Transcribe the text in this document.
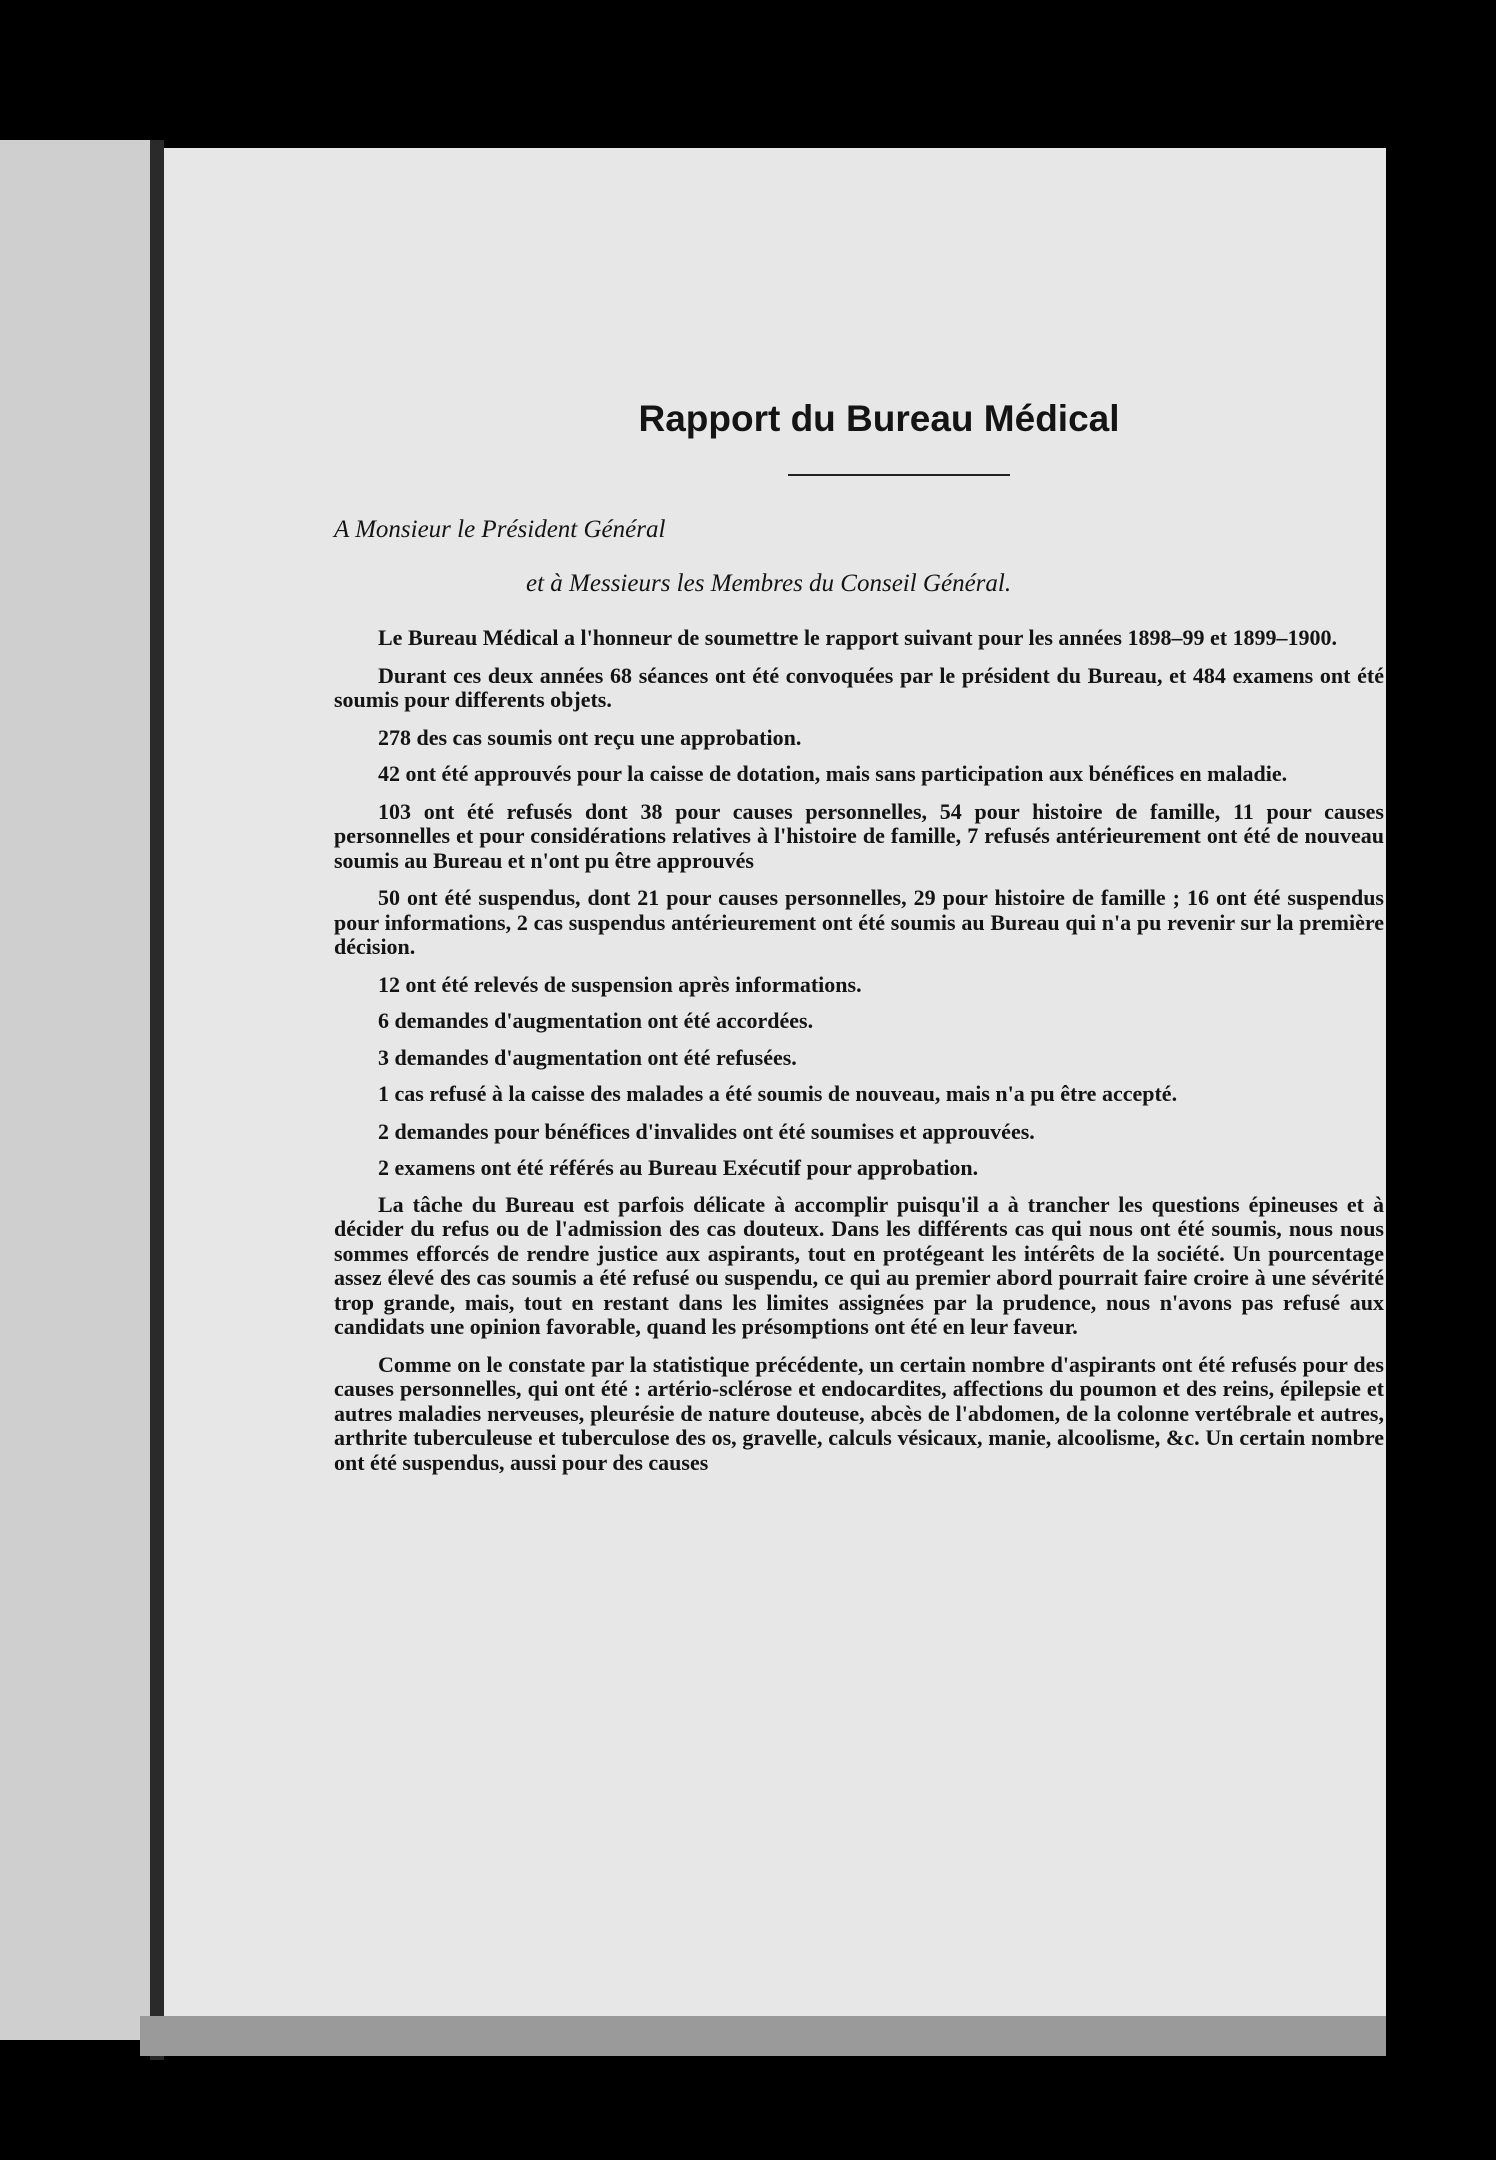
Rapport du Bureau Médical

A Monsieur le Président Général

et à Messieurs les Membres du Conseil Général.

Le Bureau Médical a l'honneur de soumettre le rapport suivant pour les années 1898–99 et 1899–1900.

Durant ces deux années 68 séances ont été convoquées par le président du Bureau, et 484 examens ont été soumis pour differents objets.

278 des cas soumis ont reçu une approbation.

42 ont été approuvés pour la caisse de dotation, mais sans participation aux bénéfices en maladie.

103 ont été refusés dont 38 pour causes personnelles, 54 pour histoire de famille, 11 pour causes personnelles et pour considérations relatives à l'histoire de famille, 7 refusés antérieurement ont été de nouveau soumis au Bureau et n'ont pu être approuvés

50 ont été suspendus, dont 21 pour causes personnelles, 29 pour histoire de famille ; 16 ont été suspendus pour informations, 2 cas suspendus antérieurement ont été soumis au Bureau qui n'a pu revenir sur la première décision.

12 ont été relevés de suspension après informations.

6 demandes d'augmentation ont été accordées.

3 demandes d'augmentation ont été refusées.

1 cas refusé à la caisse des malades a été soumis de nouveau, mais n'a pu être accepté.

2 demandes pour bénéfices d'invalides ont été soumises et approuvées.

2 examens ont été référés au Bureau Exécutif pour approbation.

La tâche du Bureau est parfois délicate à accomplir puisqu'il a à trancher les questions épineuses et à décider du refus ou de l'admission des cas douteux. Dans les différents cas qui nous ont été soumis, nous nous sommes efforcés de rendre justice aux aspirants, tout en protégeant les intérêts de la société. Un pourcentage assez élevé des cas soumis a été refusé ou suspendu, ce qui au premier abord pourrait faire croire à une sévérité trop grande, mais, tout en restant dans les limites assignées par la prudence, nous n'avons pas refusé aux candidats une opinion favorable, quand les présomptions ont été en leur faveur.

Comme on le constate par la statistique précédente, un certain nombre d'aspirants ont été refusés pour des causes personnelles, qui ont été : artério-sclérose et endocardites, affections du poumon et des reins, épilepsie et autres maladies nerveuses, pleurésie de nature douteuse, abcès de l'abdomen, de la colonne vertébrale et autres, arthrite tuberculeuse et tuberculose des os, gravelle, calculs vésicaux, manie, alcoolisme, &c. Un certain nombre ont été suspendus, aussi pour des causes
